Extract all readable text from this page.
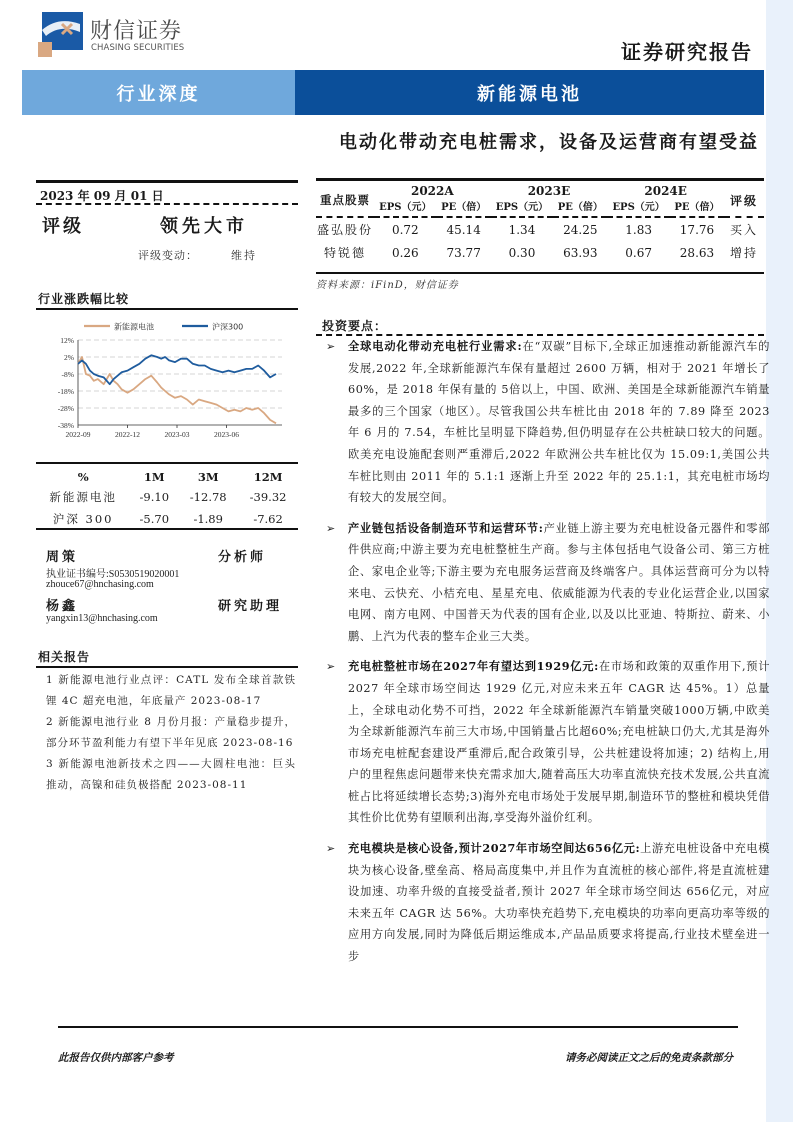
财信证券
CHASING SECURITIES	证券研究报告
行业深度	新能源电池
电动化带动充电桩需求，设备及运营商有望受益
2023 年 09 月 01 日
评级	领先大市
评级变动：	维持
行业涨跌幅比较
新能源电池	沪深300
12%
2%
-8%
-18%
-28%
-38%
2022-09	2022-12	2023-03	2023-06
%	1M	3M	12M
新能源电池	-9.10	-12.78	-39.32
沪深 300	-5.70	-1.89	-7.62
周策	分析师
执业证书编号:S0530519020001
zhouce67@hnchasing.com
杨鑫	研究助理
yangxin13@hnchasing.com
相关报告

1 新能源电池行业点评：CATL 发布全球首款铁锂 4C 超充电池，年底量产 2023-08-17

2 新能源电池行业 8 月份月报：产量稳步提升，部分环节盈利能力有望下半年见底 2023-08-16

3 新能源电池新技术之四——大圆柱电池：巨头推动，高镍和硅负极搭配 2023-08-11

重点股票	2022A		2023E		2024E		评级
	EPS（元）	PE（倍）	EPS（元）	PE（倍）	EPS（元）	PE（倍）	

盛弘股份	0.72	45.14	1.34	24.25	1.83	17.76	买入
特锐德	0.26	73.77	0.30	63.93	0.67	28.63	增持
资料来源：iFinD，财信证券
投资要点：
➢ 全球电动化带动充电桩行业需求:在“双碳”目标下,全球正加速推动新能源汽车的发展,2022 年,全球新能源汽车保有量超过 2600 万辆，相对于 2021 年增长了 60%，是 2018 年保有量的 5倍以上，中国、欧洲、美国是全球新能源汽车销量最多的三个国家（地区）。尽管我国公共车桩比由 2018 年的 7.89 降至 2023 年 6 月的 7.54，车桩比呈明显下降趋势,但仍明显存在公共桩缺口较大的问题。欧美充电设施配套则严重滞后,2022 年欧洲公共车桩比仅为 15.09:1,美国公共车桩比则由 2011 年的 5.1:1 逐渐上升至 2022 年的 25.1:1，其充电桩市场均有较大的发展空间。
➢ 产业链包括设备制造环节和运营环节:产业链上游主要为充电桩设备元器件和零部件供应商;中游主要为充电桩整桩生产商。参与主体包括电气设备公司、第三方桩企、家电企业等;下游主要为充电服务运营商及终端客户。具体运营商可分为以特来电、云快充、小桔充电、星星充电、依威能源为代表的专业化运营企业,以国家电网、南方电网、中国普天为代表的国有企业,以及以比亚迪、特斯拉、蔚来、小鹏、上汽为代表的整车企业三大类。
➢ 充电桩整桩市场在2027年有望达到1929亿元:在市场和政策的双重作用下,预计 2027 年全球市场空间达 1929 亿元,对应未来五年 CAGR 达 45%。1）总量上，全球电动化势不可挡，2022 年全球新能源汽车销量突破1000万辆,中欧美为全球新能源汽车前三大市场,中国销量占比超60%;充电桩缺口仍大,尤其是海外市场充电桩配套建设严重滞后,配合政策引导，公共桩建设将加速；2) 结构上,用户的里程焦虑问题带来快充需求加大,随着高压大功率直流快充技术发展,公共直流桩占比将延续增长态势;3)海外充电市场处于发展早期,制造环节的整桩和模块凭借其性价比优势有望顺利出海,享受海外溢价红利。
➢ 充电模块是核心设备,预计2027年市场空间达656亿元:上游充电桩设备中充电模块为核心设备,壁垒高、格局高度集中,并且作为直流桩的核心部件,将是直流桩建设加速、功率升级的直接受益者,预计 2027 年全球市场空间达 656亿元，对应未来五年 CAGR 达 56%。大功率快充趋势下,充电模块的功率向更高功率等级的应用方向发展,同时为降低后期运维成本,产品品质要求将提高,行业技术壁垒进一步
此报告仅供内部客户参考	请务必阅读正文之后的免责条款部分
